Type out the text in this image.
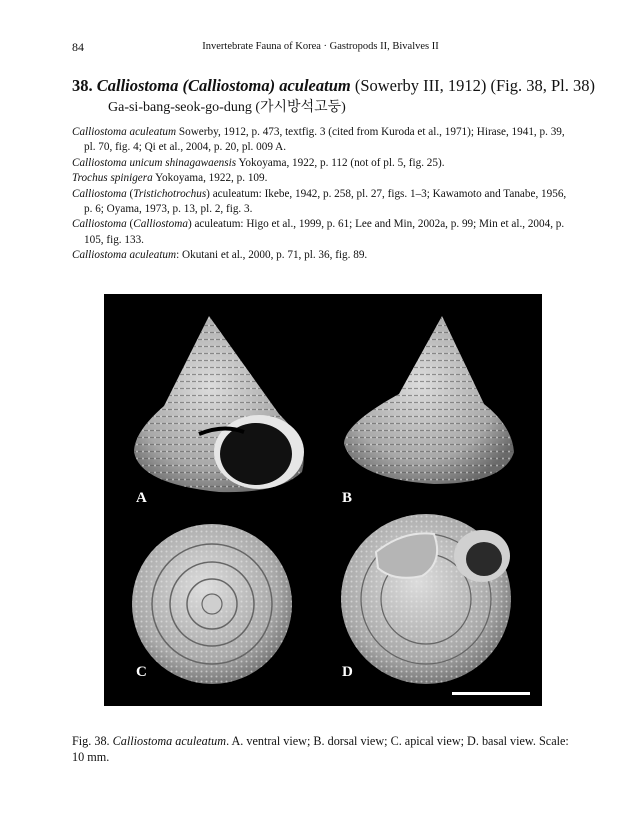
84	Invertebrate Fauna of Korea · Gastropods II, Bivalves II
38. Calliostoma (Calliostoma) aculeatum (Sowerby III, 1912) (Fig. 38, Pl. 38)
Ga-si-bang-seok-go-dung (가시방석고둥)

Calliostoma aculeatum Sowerby, 1912, p. 473, textfig. 3 (cited from Kuroda et al., 1971); Hirase, 1941, p. 39, pl. 70, fig. 4; Qi et al., 2004, p. 20, pl. 009 A.

Calliostoma unicum shinagawaensis Yokoyama, 1922, p. 112 (not of pl. 5, fig. 25).

Trochus spinigera Yokoyama, 1922, p. 109.

Calliostoma (Tristichotrochus) aculeatum: Ikebe, 1942, p. 258, pl. 27, figs. 1–3; Kawamoto and Tanabe, 1956, p. 6; Oyama, 1973, p. 13, pl. 2, fig. 3.

Calliostoma (Calliostoma) aculeatum: Higo et al., 1999, p. 61; Lee and Min, 2002a, p. 99; Min et al., 2004, p. 105, fig. 133.

Calliostoma aculeatum: Okutani et al., 2000, p. 71, pl. 36, fig. 89.

A	B
C	D
Fig. 38. Calliostoma aculeatum. A. ventral view; B. dorsal view; C. apical view; D. basal view. Scale: 10 mm.
